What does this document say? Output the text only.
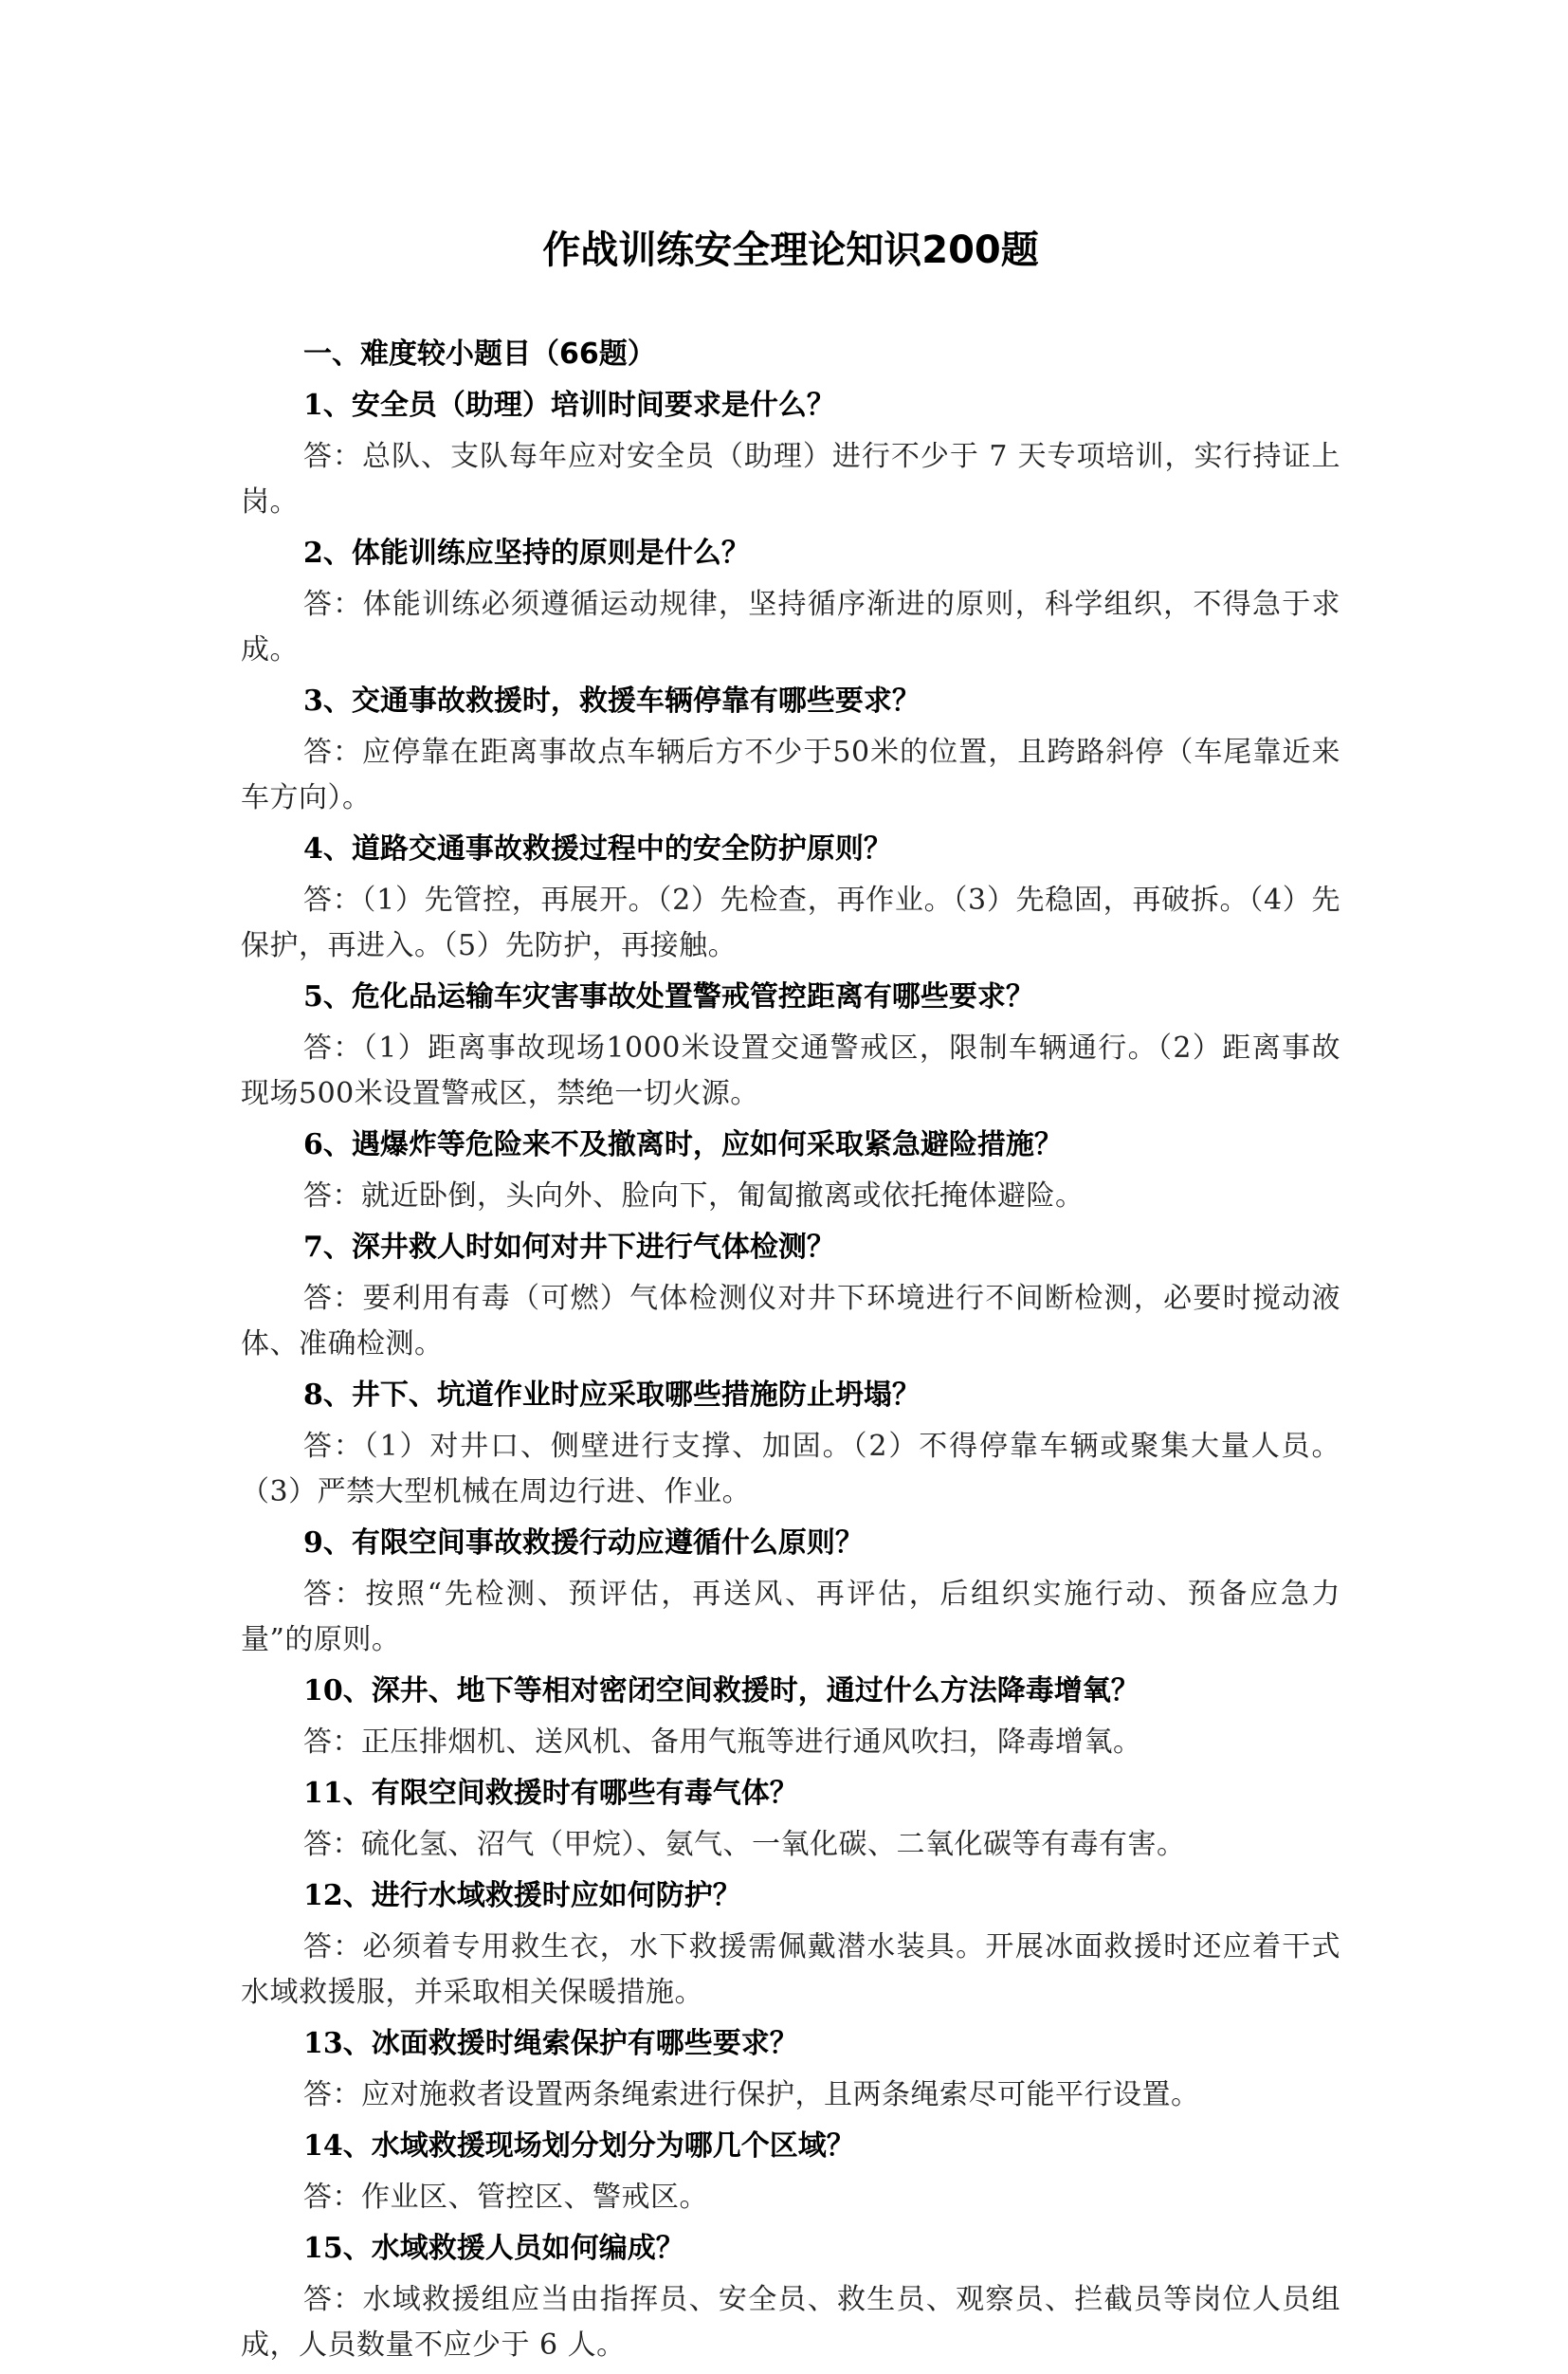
作战训练安全理论知识200题
一、难度较小题目（66题）

1、安全员（助理）培训时间要求是什么？

答：总队、支队每年应对安全员（助理）进行不少于 7 天专项培训，实行持证上岗。

2、体能训练应坚持的原则是什么？

答：体能训练必须遵循运动规律，坚持循序渐进的原则，科学组织，不得急于求成。

3、交通事故救援时，救援车辆停靠有哪些要求？

答：应停靠在距离事故点车辆后方不少于50米的位置，且跨路斜停（车尾靠近来车方向）。

4、道路交通事故救援过程中的安全防护原则？

答：（1）先管控，再展开。（2）先检查，再作业。（3）先稳固，再破拆。（4）先保护，再进入。（5）先防护，再接触。

5、危化品运输车灾害事故处置警戒管控距离有哪些要求？

答：（1）距离事故现场1000米设置交通警戒区，限制车辆通行。（2）距离事故现场500米设置警戒区，禁绝一切火源。

6、遇爆炸等危险来不及撤离时，应如何采取紧急避险措施？

答：就近卧倒，头向外、脸向下，匍匐撤离或依托掩体避险。

7、深井救人时如何对井下进行气体检测？

答：要利用有毒（可燃）气体检测仪对井下环境进行不间断检测，必要时搅动液体、准确检测。

8、井下、坑道作业时应采取哪些措施防止坍塌？

答：（1）对井口、侧壁进行支撑、加固。（2）不得停靠车辆或聚集大量人员。（3）严禁大型机械在周边行进、作业。

9、有限空间事故救援行动应遵循什么原则？

答：按照“先检测、预评估，再送风、再评估，后组织实施行动、预备应急力量”的原则。

10、深井、地下等相对密闭空间救援时，通过什么方法降毒增氧？

答：正压排烟机、送风机、备用气瓶等进行通风吹扫，降毒增氧。

11、有限空间救援时有哪些有毒气体？

答：硫化氢、沼气（甲烷）、氨气、一氧化碳、二氧化碳等有毒有害。

12、进行水域救援时应如何防护？

答：必须着专用救生衣，水下救援需佩戴潜水装具。开展冰面救援时还应着干式水域救援服，并采取相关保暖措施。

13、冰面救援时绳索保护有哪些要求？

答：应对施救者设置两条绳索进行保护，且两条绳索尽可能平行设置。

14、水域救援现场划分划分为哪几个区域？

答：作业区、管控区、警戒区。

15、水域救援人员如何编成？

答：水域救援组应当由指挥员、安全员、救生员、观察员、拦截员等岗位人员组成，人员数量不应少于 6 人。
